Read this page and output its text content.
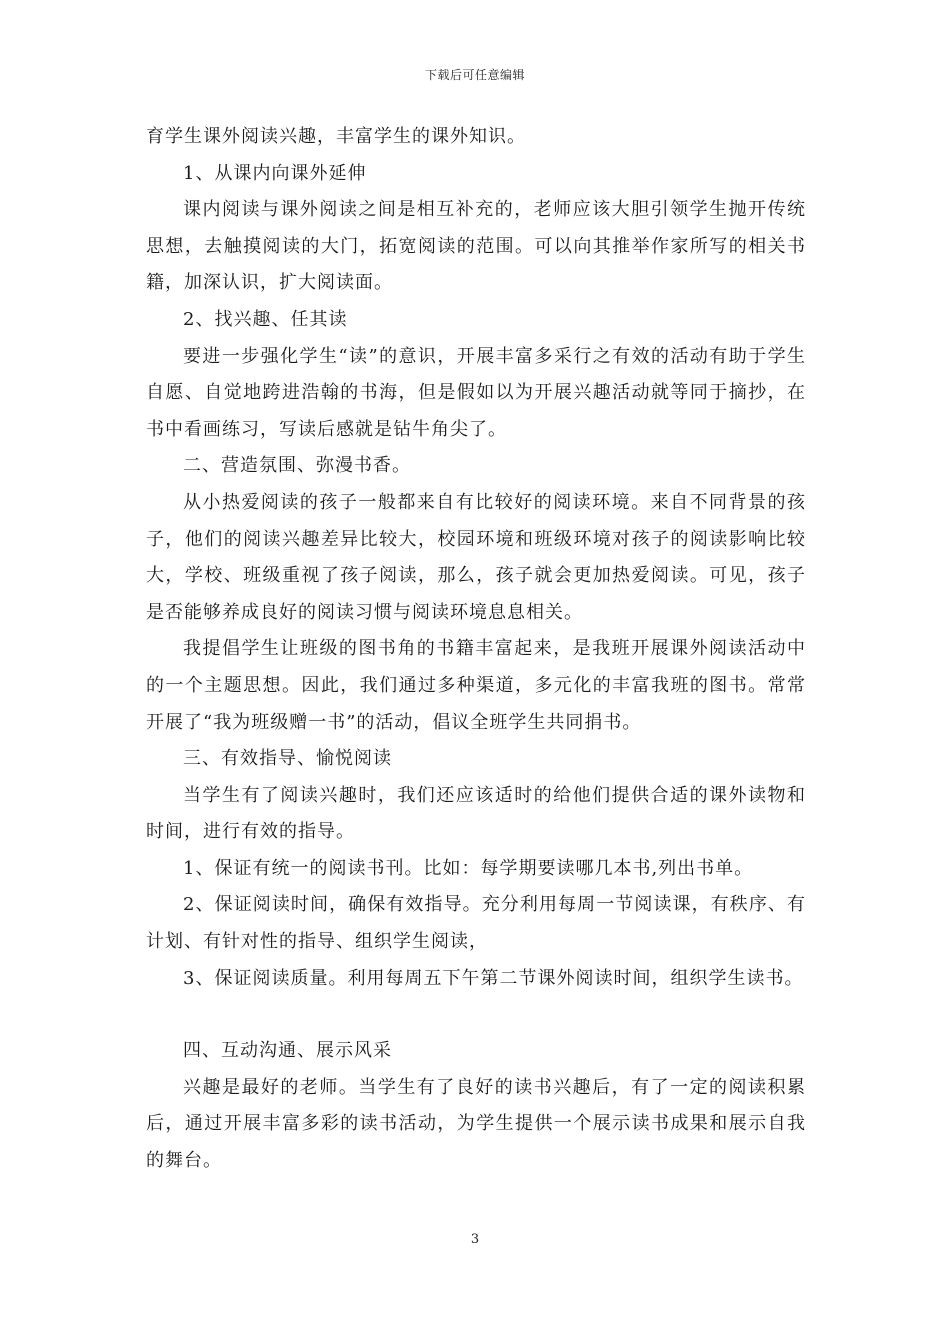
下载后可任意编辑

育学生课外阅读兴趣，丰富学生的课外知识。

1、从课内向课外延伸

课内阅读与课外阅读之间是相互补充的，老师应该大胆引领学生抛开传统思想，去触摸阅读的大门，拓宽阅读的范围。可以向其推举作家所写的相关书籍，加深认识，扩大阅读面。

2、找兴趣、任其读

要进一步强化学生“读”的意识，开展丰富多采行之有效的活动有助于学生自愿、自觉地跨进浩翰的书海，但是假如以为开展兴趣活动就等同于摘抄，在书中看画练习，写读后感就是钻牛角尖了。

二、营造氛围、弥漫书香。

从小热爱阅读的孩子一般都来自有比较好的阅读环境。来自不同背景的孩子，他们的阅读兴趣差异比较大，校园环境和班级环境对孩子的阅读影响比较大，学校、班级重视了孩子阅读，那么，孩子就会更加热爱阅读。可见，孩子是否能够养成良好的阅读习惯与阅读环境息息相关。

我提倡学生让班级的图书角的书籍丰富起来，是我班开展课外阅读活动中的一个主题思想。因此，我们通过多种渠道，多元化的丰富我班的图书。常常开展了“我为班级赠一书”的活动，倡议全班学生共同捐书。

三、有效指导、愉悦阅读

当学生有了阅读兴趣时，我们还应该适时的给他们提供合适的课外读物和时间，进行有效的指导。

1、保证有统一的阅读书刊。比如：每学期要读哪几本书,列出书单。

2、保证阅读时间，确保有效指导。充分利用每周一节阅读课，有秩序、有计划、有针对性的指导、组织学生阅读，

3、保证阅读质量。利用每周五下午第二节课外阅读时间，组织学生读书。

四、互动沟通、展示风采

兴趣是最好的老师。当学生有了良好的读书兴趣后，有了一定的阅读积累后，通过开展丰富多彩的读书活动，为学生提供一个展示读书成果和展示自我的舞台。

3
